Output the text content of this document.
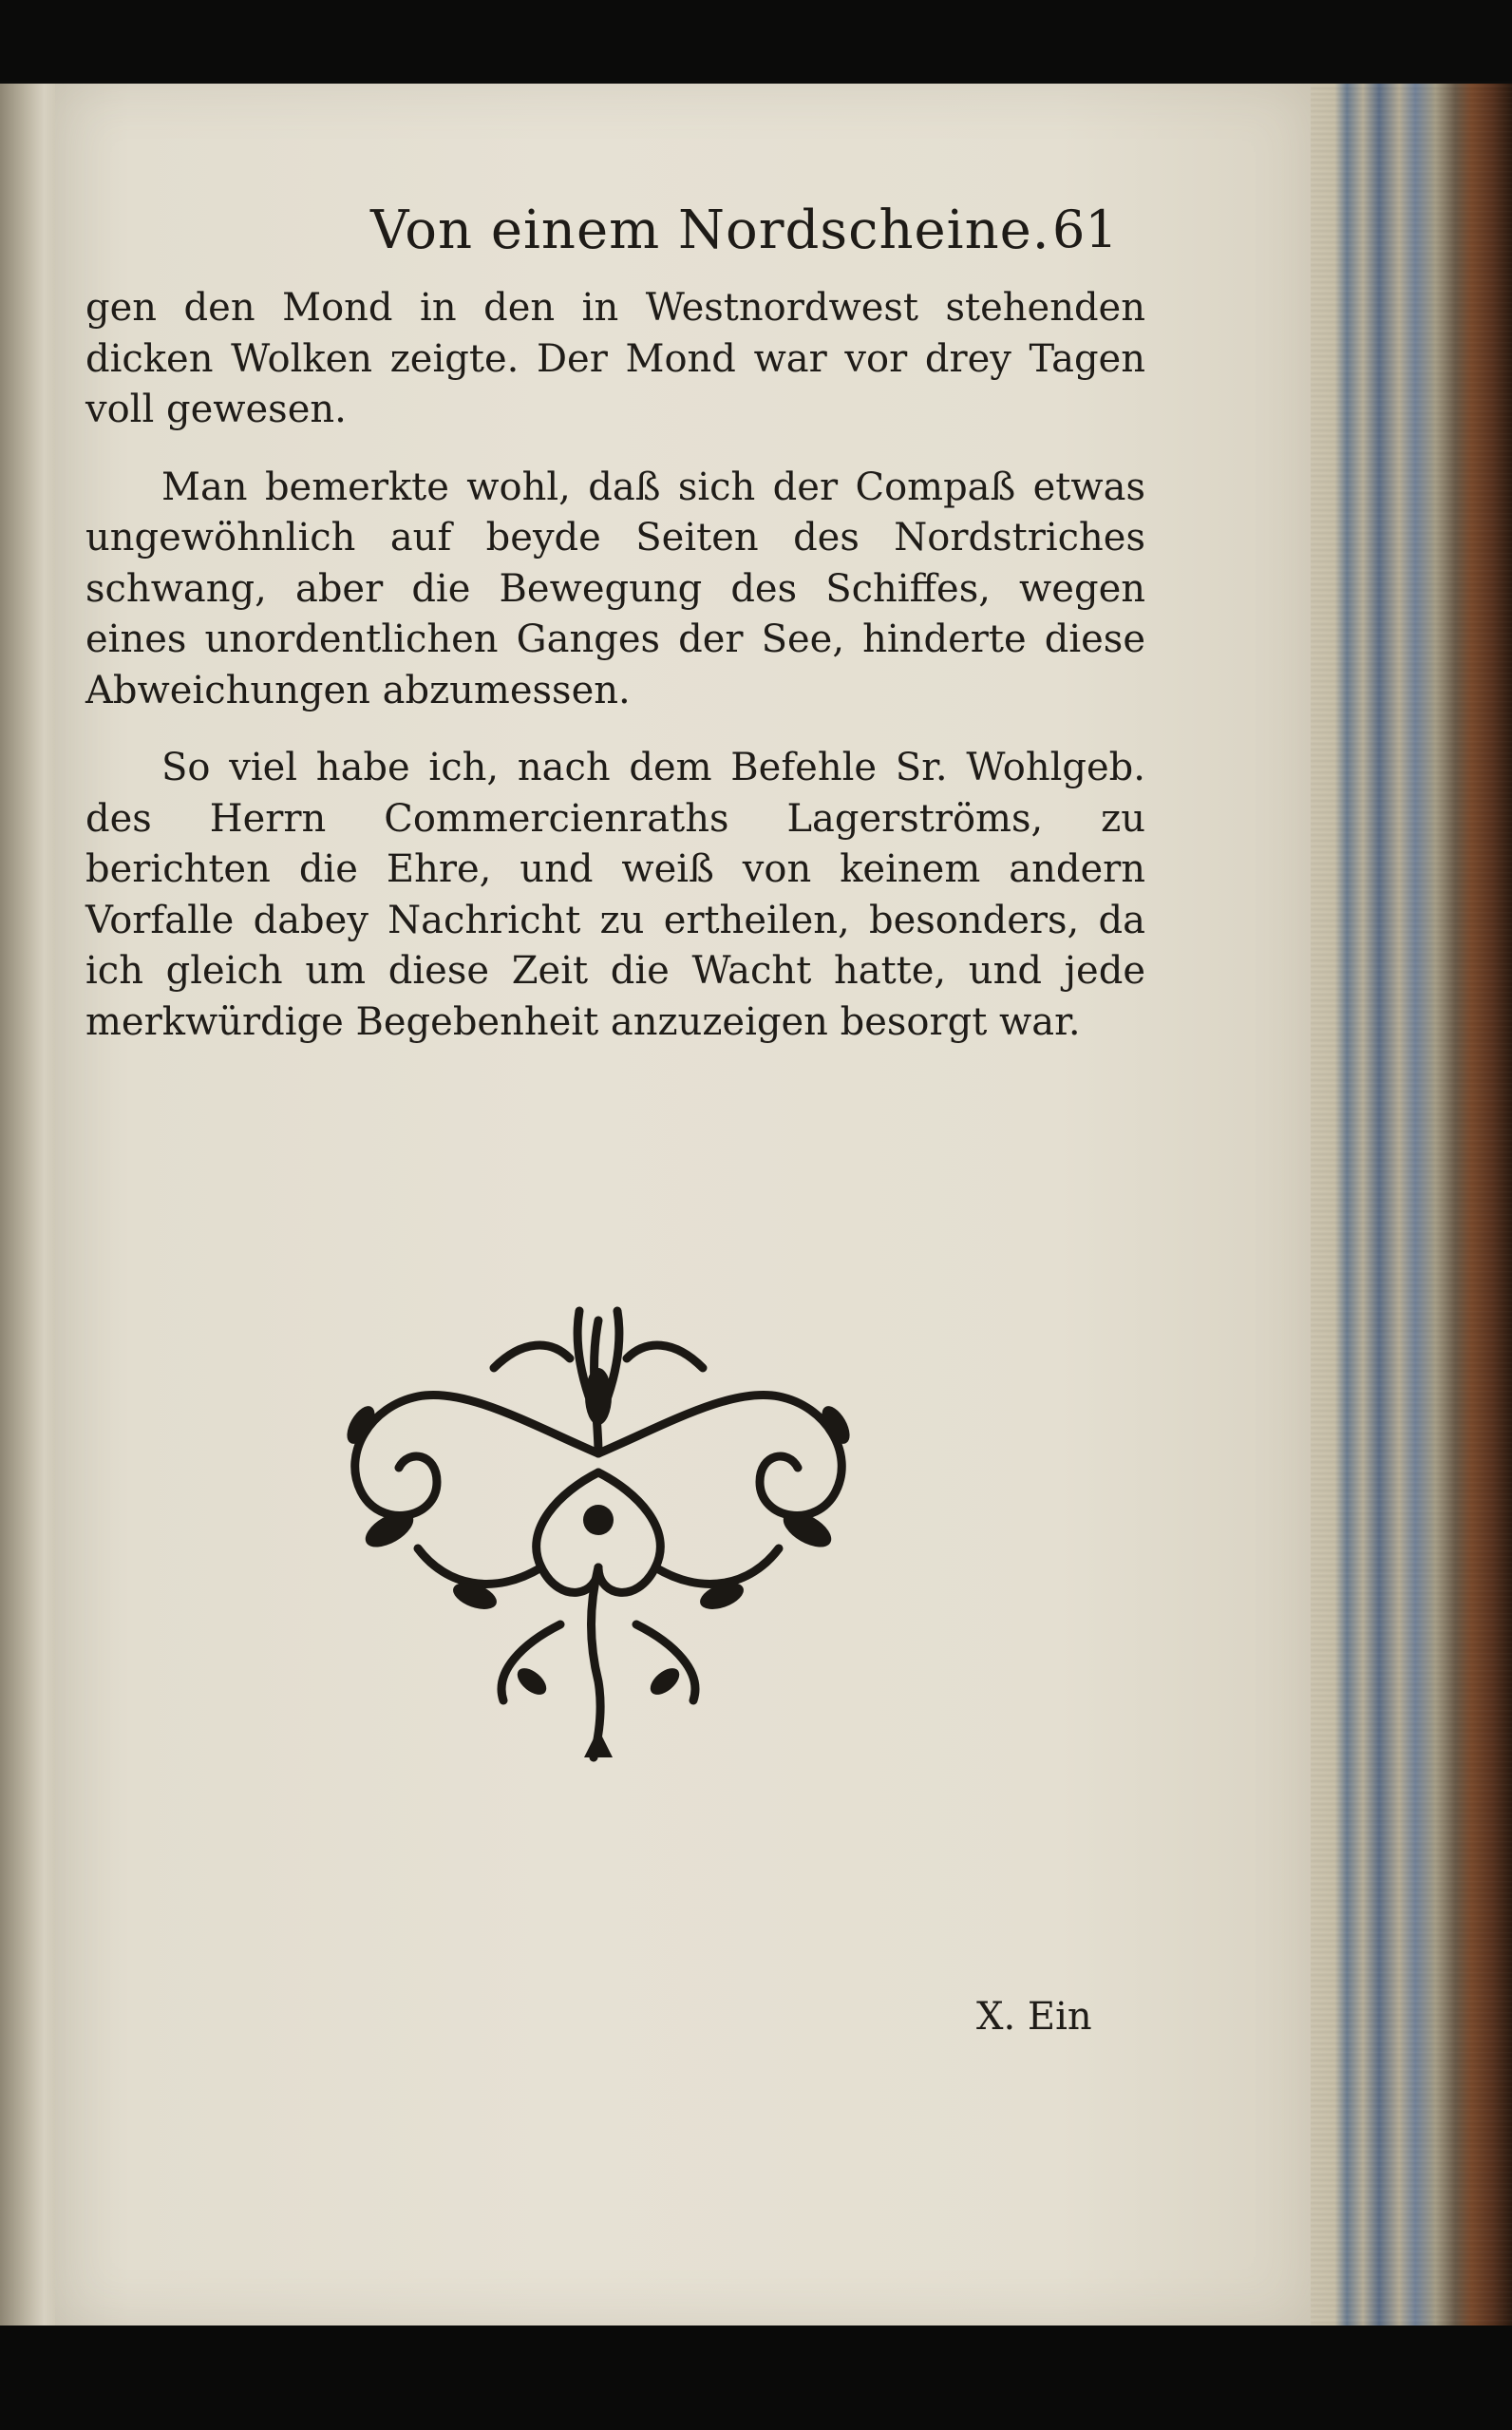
Von einem Nordscheine. 61

gen den Mond in den in Westnordwest stehenden dicken Wolken zeigte. Der Mond war vor drey Tagen voll gewesen.

Man bemerkte wohl, daß sich der Compaß etwas ungewöhnlich auf beyde Seiten des Nordstriches schwang, aber die Bewegung des Schiffes, wegen eines unordentlichen Ganges der See, hinderte diese Abweichungen abzumessen.

So viel habe ich, nach dem Befehle Sr. Wohlgeb. des Herrn Commercienraths Lagerströms, zu berichten die Ehre, und weiß von keinem andern Vorfalle dabey Nachricht zu ertheilen, besonders, da ich gleich um diese Zeit die Wacht hatte, und jede merkwürdige Begebenheit anzuzeigen besorgt war.

X. Ein
